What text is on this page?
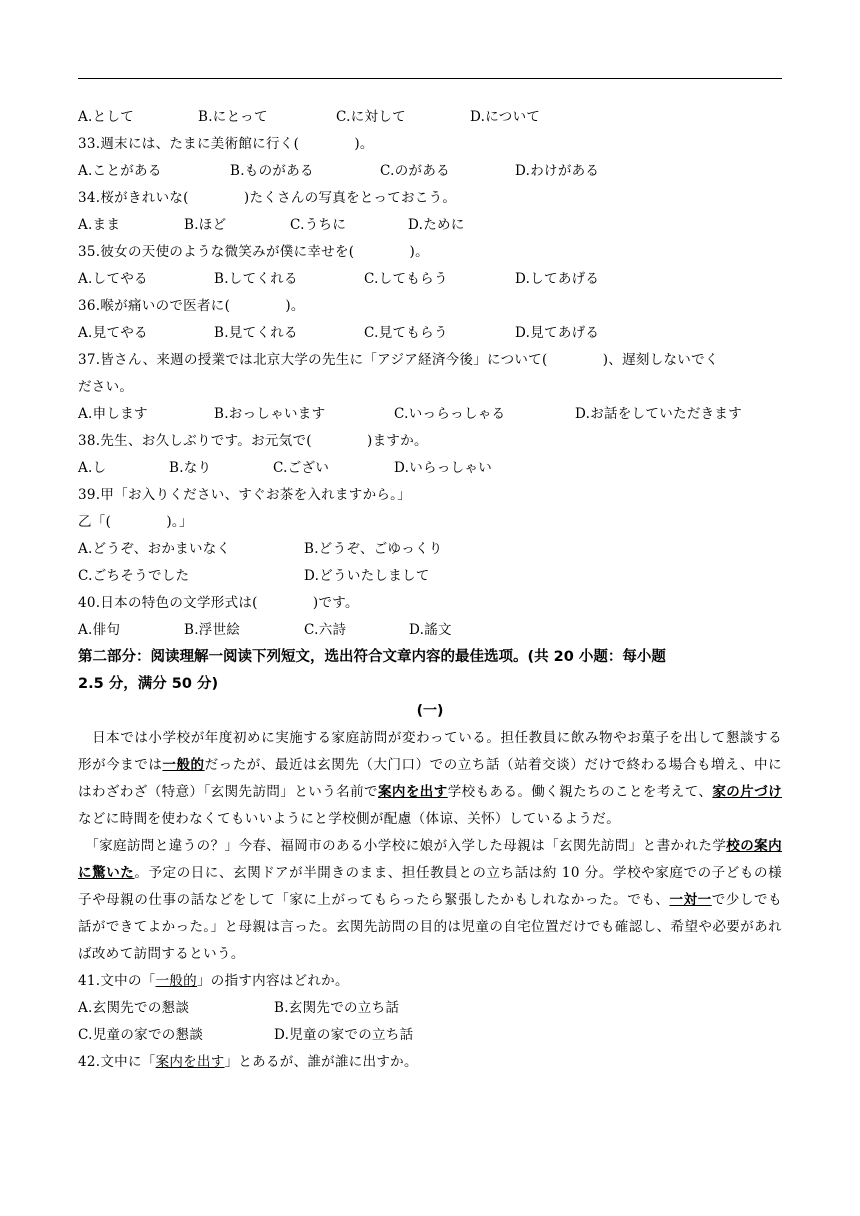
A.として	B.にとって	C.に対して	D.について
33.週末には、たまに美術館に行く(　　　　)。
A.ことがある	B.ものがある	C.のがある	D.わけがある
34.桜がきれいな(　　　　)たくさんの写真をとっておこう。
A.まま	B.ほど	C.うちに	D.ために
35.彼女の天使のような微笑みが僕に幸せを(　　　　)。
A.してやる	B.してくれる	C.してもらう	D.してあげる
36.喉が痛いので医者に(　　　　)。
A.見てやる	B.見てくれる	C.見てもらう	D.見てあげる
37.皆さん、来週の授業では北京大学の先生に「アジア経済今後」について(　　　　)、遅刻しないでく
ださい。
A.申します	B.おっしゃいます	C.いっらっしゃる	D.お話をしていただきます
38.先生、お久しぶりです。お元気で(　　　　)ますか。
A.し	B.なり	C.ござい	D.いらっしゃい
39.甲「お入りください、すぐお茶を入れますから。」
乙「(　　　　)。」
A.どうぞ、おかまいなく	B.どうぞ、ごゆっくり
C.ごちそうでした	D.どういたしまして
40.日本の特色の文学形式は(　　　　)です。
A.俳句	B.浮世絵	C.六詩	D.謠文
第二部分：阅读理解一阅读下列短文，选出符合文章内容的最佳选项。(共 20 小题：每小题
2.5 分，满分 50 分)
(一)
　日本では小学校が年度初めに実施する家庭訪問が変わっている。担任教員に飲み物やお菓子を出して懇談する形が今までは一般的だったが、最近は玄関先（大门口）での立ち話（站着交谈）だけで終わる場合も増え、中にはわざわざ（特意）「玄関先訪問」という名前で案内を出す学校もある。働く親たちのことを考えて、家の片づけなどに時間を使わなくてもいいようにと学校側が配慮（体谅、关怀）しているようだ。
　「家庭訪問と違うの？」今春、福岡市のある小学校に娘が入学した母親は「玄関先訪問」と書かれた学校の案内に驚いた。予定の日に、玄関ドアが半開きのまま、担任教員との立ち話は約 10 分。学校や家庭での子どもの様子や母親の仕事の話などをして「家に上がってもらったら緊張したかもしれなかった。でも、一対一で少しでも話ができてよかった。」と母親は言った。玄関先訪問の目的は児童の自宅位置だけでも確認し、希望や必要があれば改めて訪問するという。
41.文中の「一般的」の指す内容はどれか。
A.玄関先での懇談	B.玄関先での立ち話
C.児童の家での懇談	D.児童の家での立ち話
42.文中に「案内を出す」とあるが、誰が誰に出すか。
